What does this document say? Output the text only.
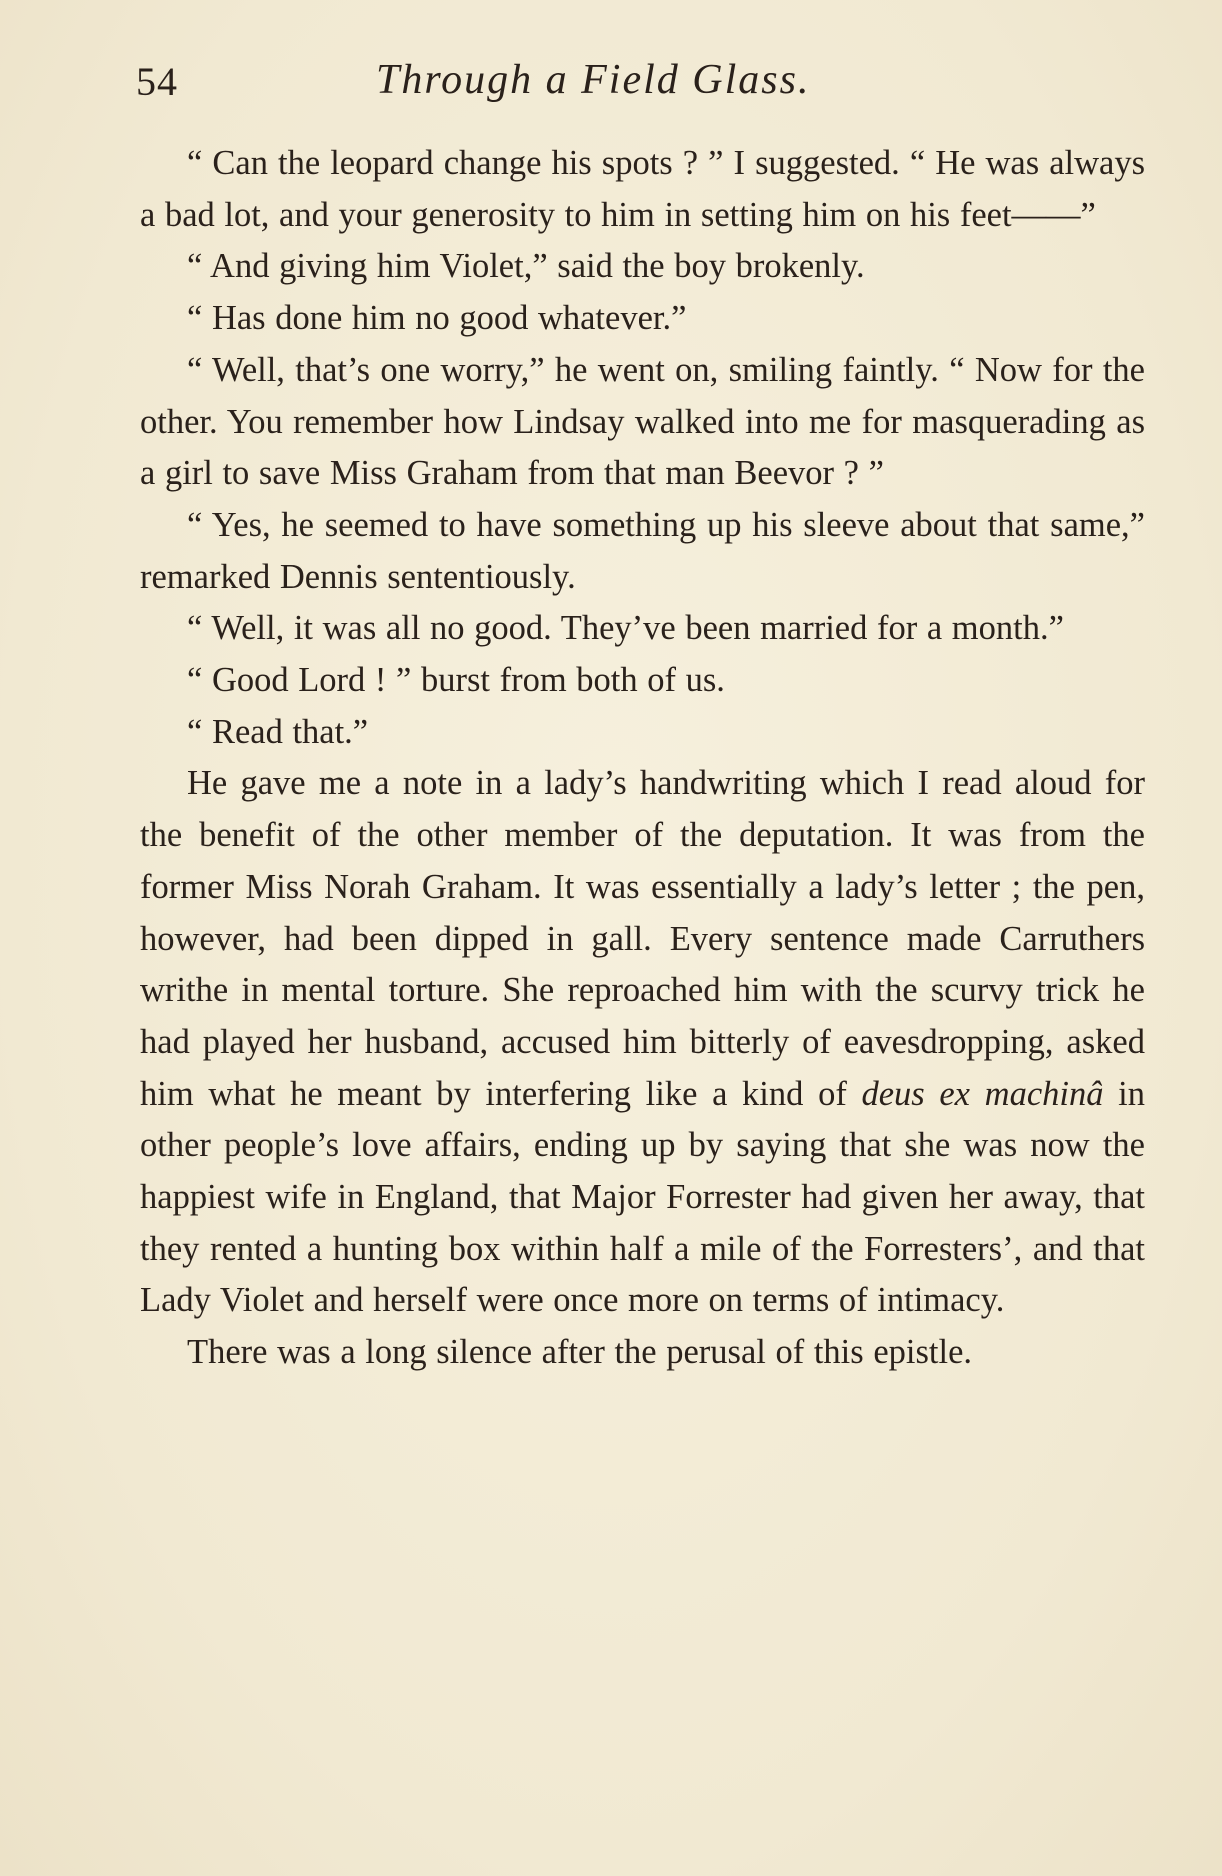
54	Through a Field Glass.

“ Can the leopard change his spots ? ” I suggested. “ He was always a bad lot, and your generosity to him in setting him on his feet——”

“ And giving him Violet,” said the boy brokenly.

“ Has done him no good whatever.”

“ Well, that’s one worry,” he went on, smiling faintly. “ Now for the other. You remember how Lindsay walked into me for masquerading as a girl to save Miss Graham from that man Beevor ? ”

“ Yes, he seemed to have something up his sleeve about that same,” remarked Dennis sententiously.

“ Well, it was all no good. They’ve been married for a month.”

“ Good Lord ! ” burst from both of us.

“ Read that.”

He gave me a note in a lady’s handwriting which I read aloud for the benefit of the other member of the deputation. It was from the former Miss Norah Graham. It was essentially a lady’s letter ; the pen, however, had been dipped in gall. Every sentence made Carruthers writhe in mental torture. She reproached him with the scurvy trick he had played her husband, accused him bitterly of eavesdropping, asked him what he meant by interfering like a kind of deus ex machinâ in other people’s love affairs, ending up by saying that she was now the happiest wife in England, that Major Forrester had given her away, that they rented a hunting box within half a mile of the Forresters’, and that Lady Violet and herself were once more on terms of intimacy.

There was a long silence after the perusal of this epistle.
